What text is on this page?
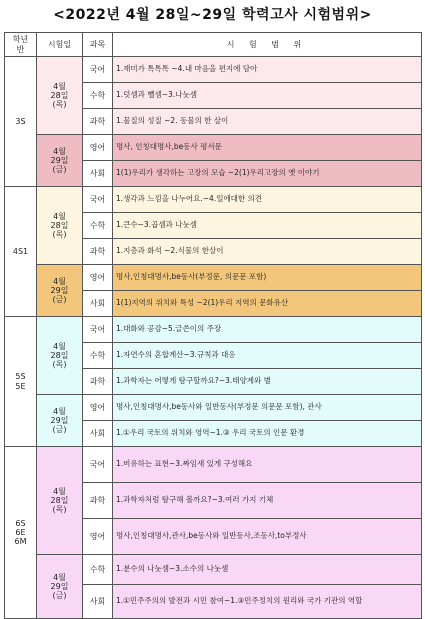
<2022년 4월 28일~29일 학력고사 시험범위>
학년
반	시험일	과목	시 험 범 위
3S	4월
28일
(목)	국어	1.재미가 톡톡톡 ~4.내 마음을 편지에 담아
		수학	1.덧셈과 뺄셈~3.나눗셈
		과학	1.물질의 성질 ~2. 동물의 한 살이
	4월
29일
(금)	영어	명사, 인칭대명사,be동사 평서문
		사회	1(1)우리가 생각하는 고장의 모습 ~2(1)우리고장의 옛 이야기
4S1	4월
28일
(목)	국어	1.생각과 느낌을 나누어요.~4.일에대한 의견
		수학	1.큰수~3.곱셈과 나눗셈
		과학	1.지층과 화석 ~2.식물의 한살이
	4월
29일
(금)	영어	명사,인칭대명사,be동사(부정문, 의문문 포함)
		사회	1(1)지역의 위치와 특성 ~2(1)우리 지역의 문화유산
5S
5E	4월
28일
(목)	국어	1.대화와 공감~5.글쓴이의 주장
		수학	1.자연수의 혼합계산~3.규칙과 대응
		과학	1.과학자는 어떻게 탐구할까요?~3.태양계와 별
	4월
29일
(금)	영어	명사,인칭대명사,be동사와 일반동사(부정문 의문문 포함), 관사
		사회	1.①우리 국토의 위치와 영역~1.③ 우리 국토의 인문 환경
6S
6E
6M	4월
28일
(목)	국어	1.비유하는 표현~3.짜임새 있게 구성해요
		과학	1.과학자처럼 탐구해 볼까요?~3.여러 가지 기체
		영어	명사,인칭대명사,관사,be동사와 일반동사,조동사,to부정사
	4월
29일
(금)	수학	1.분수의 나눗셈~3.소수의 나눗셈
		사회	1.①민주주의의 발전과 시민 참여~1.③민주정치의 원리와 국가 기관의 역할
